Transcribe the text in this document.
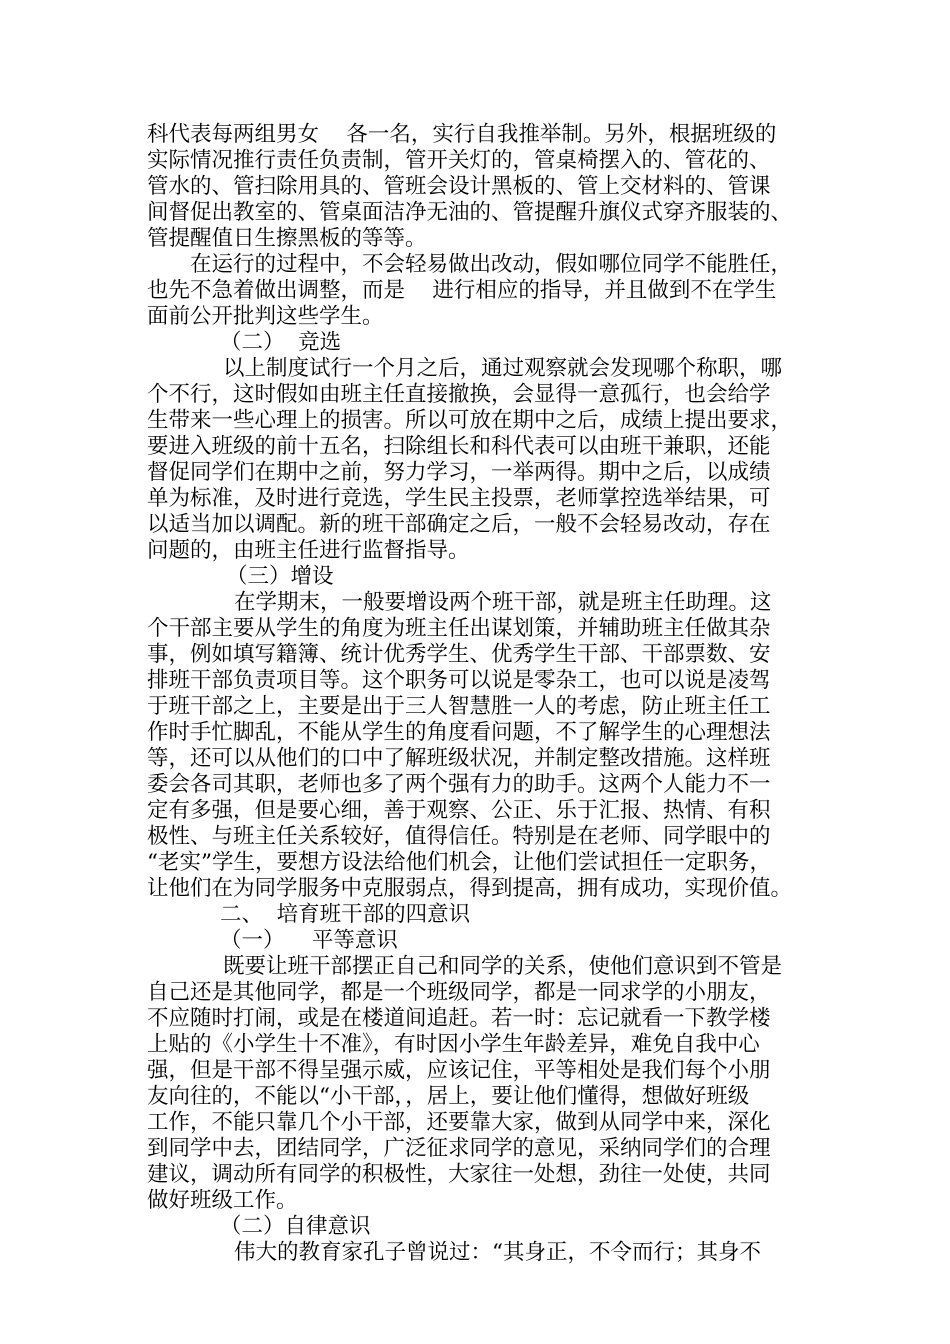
科代表每两组男女    各一名，实行自我推举制。另外，根据班级的
实际情况推行责任负责制，管开关灯的，管桌椅摆入的、管花的、
管水的、管扫除用具的、管班会设计黑板的、管上交材料的、管课
间督促出教室的、管桌面洁净无油的、管提醒升旗仪式穿齐服装的、
管提醒值日生擦黑板的等等。
在运行的过程中，不会轻易做出改动，假如哪位同学不能胜任，
也先不急着做出调整，而是    进行相应的指导，并且做到不在学生
面前公开批判这些学生。
（二）  竞选
以上制度试行一个月之后，通过观察就会发现哪个称职，哪
个不行，这时假如由班主任直接撤换，会显得一意孤行，也会给学
生带来一些心理上的损害。所以可放在期中之后，成绩上提出要求，
要进入班级的前十五名，扫除组长和科代表可以由班干兼职，还能
督促同学们在期中之前，努力学习，一举两得。期中之后，以成绩
单为标准，及时进行竞选，学生民主投票，老师掌控选举结果，可
以适当加以调配。新的班干部确定之后，一般不会轻易改动，存在
问题的，由班主任进行监督指导。
（三）增设
在学期末，一般要增设两个班干部，就是班主任助理。这
个干部主要从学生的角度为班主任出谋划策，并辅助班主任做其杂
事，例如填写籍簿、统计优秀学生、优秀学生干部、干部票数、安
排班干部负责项目等。这个职务可以说是零杂工，也可以说是凌驾
于班干部之上，主要是出于三人智慧胜一人的考虑，防止班主任工
作时手忙脚乱，不能从学生的角度看问题，不了解学生的心理想法
等，还可以从他们的口中了解班级状况，并制定整改措施。这样班
委会各司其职，老师也多了两个强有力的助手。这两个人能力不一
定有多强，但是要心细，善于观察、公正、乐于汇报、热情、有积
极性、与班主任关系较好，值得信任。特别是在老师、同学眼中的
“老实”学生，要想方设法给他们机会，让他们尝试担任一定职务，
让他们在为同学服务中克服弱点，得到提高，拥有成功，实现价值。
二、  培育班干部的四意识
（一）    平等意识
既要让班干部摆正自己和同学的关系，使他们意识到不管是
自己还是其他同学，都是一个班级同学，都是一同求学的小朋友，
不应随时打闹，或是在楼道间追赶。若一时：忘记就看一下教学楼
上贴的《小学生十不准》，有时因小学生年龄差异，难免自我中心
强，但是干部不得呈强示威，应该记住，平等相处是我们每个小朋
友向往的，不能以“小干部，，居上，要让他们懂得，想做好班级
工作，不能只靠几个小干部，还要靠大家，做到从同学中来，深化
到同学中去，团结同学，广泛征求同学的意见，采纳同学们的合理
建议，调动所有同学的积极性，大家往一处想，劲往一处使，共同
做好班级工作。
（二）自律意识
伟大的教育家孔子曾说过：“其身正，不令而行；其身不
